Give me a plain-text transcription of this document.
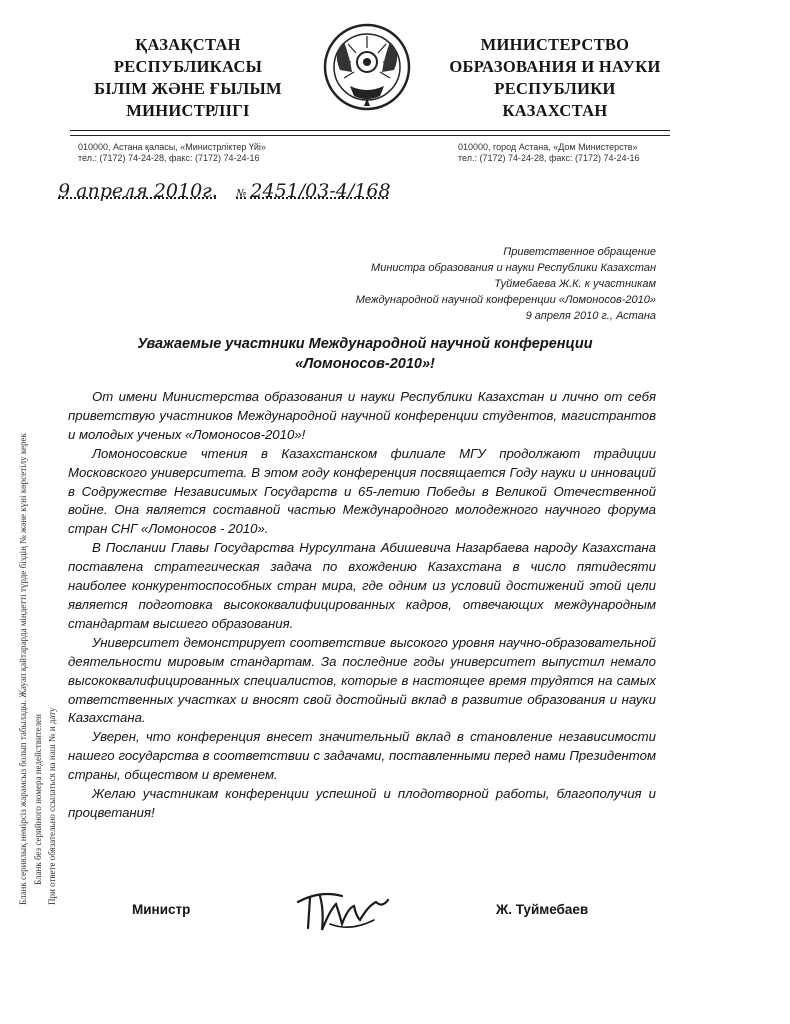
ҚАЗАҚСТАН
РЕСПУБЛИКАСЫ
БІЛІМ ЖӘНЕ ҒЫЛЫМ
МИНИСТРЛІГІ
МИНИСТЕРСТВО
ОБРАЗОВАНИЯ И НАУКИ
РЕСПУБЛИКИ
КАЗАХСТАН
010000, Астана қаласы, «Министрліктер Үйі»
тел.: (7172) 74-24-28, факс: (7172) 74-24-16
010000, город Астана, «Дом Министерств»
тел.: (7172) 74-24-28, факс: (7172) 74-24-16
9 апреля 2010г. № 2451/03-4/168
Приветственное обращение
Министра образования и науки Республики Казахстан
Туймебаева Ж.К. к участникам
Международной научной конференции «Ломоносов-2010»
9 апреля 2010 г., Астана
Уважаемые участники Международной научной конференции
«Ломоносов-2010»!

От имени Министерства образования и науки Республики Казахстан и лично от себя приветствую участников Международной научной конференции студентов, магистрантов и молодых ученых «Ломоносов-2010»!

Ломоносовские чтения в Казахстанском филиале МГУ продолжают традиции Московского университета. В этом году конференция посвящается Году науки и инноваций в Содружестве Независимых Государств и 65-летию Победы в Великой Отечественной войне. Она является составной частью Международного молодежного научного форума стран СНГ «Ломоносов - 2010».

В Послании Главы Государства Нурсултана Абишевича Назарбаева народу Казахстана поставлена стратегическая задача по вхождению Казахстана в число пятидесяти наиболее конкурентоспособных стран мира, где одним из условий достижений этой цели является подготовка высококвалифицированных кадров, отвечающих международным стандартам высшего образования.

Университет демонстрирует соответствие высокого уровня научно-образовательной деятельности мировым стандартам. За последние годы университет выпустил немало высококвалифицированных специалистов, которые в настоящее время трудятся на самых ответственных участках и вносят свой достойный вклад в развитие образования и науки Казахстана.

Уверен, что конференция внесет значительный вклад в становление независимости нашего государства в соответствии с задачами, поставленными перед нами Президентом страны, обществом и временем.

Желаю участникам конференции успешной и плодотворной работы, благополучия и процветания!

Бланк сериялық нөмірсіз жарамсыз болып табылады. Жауап қайтарарда міндетті түрде біздің № және күні көрсетілу керек Бланк без серийного номера недействителен При ответе обязательно ссылаться на наш № и дату
Министр	Ж. Туймебаев
